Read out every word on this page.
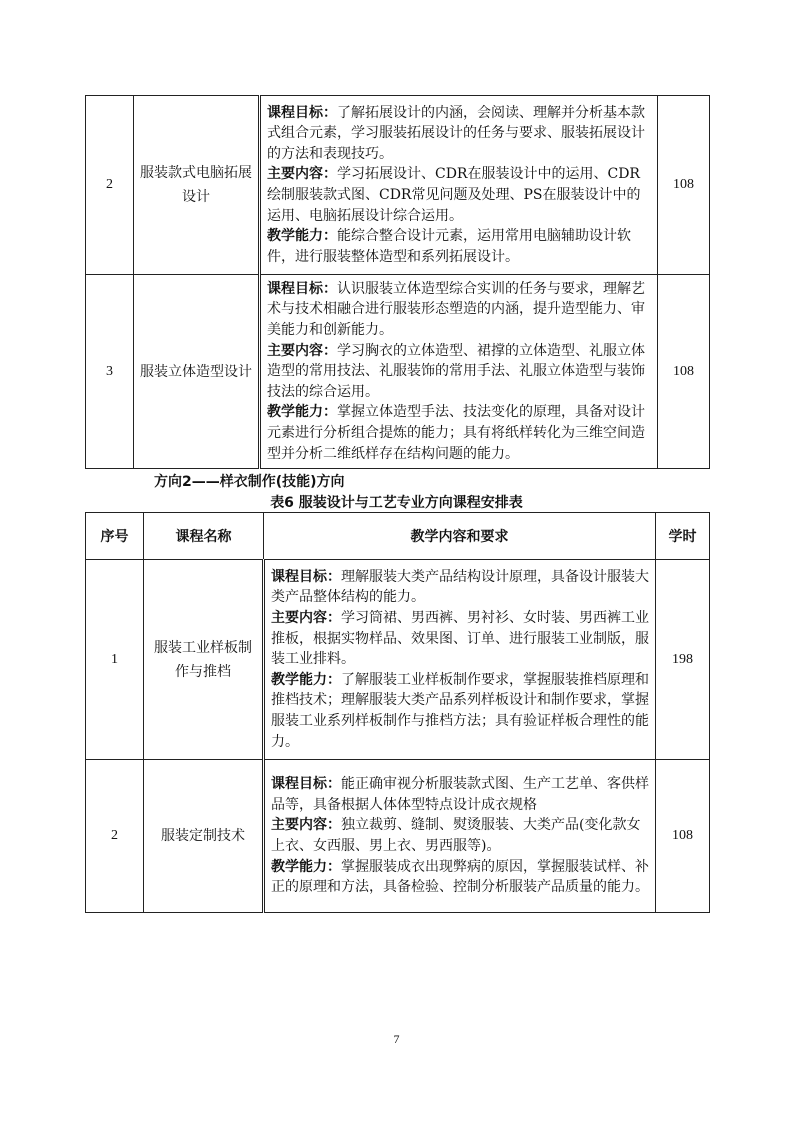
2	服装款式电脑拓展设计	课程目标：了解拓展设计的内涵，会阅读、理解并分析基本款式组合元素，学习服装拓展设计的任务与要求、服装拓展设计的方法和表现技巧。

主要内容：学习拓展设计、CDR在服装设计中的运用、CDR绘制服装款式图、CDR常见问题及处理、PS在服装设计中的运用、电脑拓展设计综合运用。

教学能力：能综合整合设计元素，运用常用电脑辅助设计软件，进行服装整体造型和系列拓展设计。	108
3	服装立体造型设计	课程目标：认识服装立体造型综合实训的任务与要求，理解艺术与技术相融合进行服装形态塑造的内涵，提升造型能力、审美能力和创新能力。

主要内容：学习胸衣的立体造型、裙撑的立体造型、礼服立体造型的常用技法、礼服装饰的常用手法、礼服立体造型与装饰技法的综合运用。

教学能力：掌握立体造型手法、技法变化的原理，具备对设计元素进行分析组合提炼的能力；具有将纸样转化为三维空间造型并分析二维纸样存在结构问题的能力。	108

方向2——样衣制作(技能)方向

表6 服装设计与工艺专业方向课程安排表

序号	课程名称	教学内容和要求	学时
1	服装工业样板制作与推档	课程目标：理解服装大类产品结构设计原理，具备设计服装大类产品整体结构的能力。

主要内容：学习筒裙、男西裤、男衬衫、女时装、男西裤工业推板，根据实物样品、效果图、订单、进行服装工业制版，服装工业排料。

教学能力：了解服装工业样板制作要求，掌握服装推档原理和推档技术；理解服装大类产品系列样板设计和制作要求，掌握服装工业系列样板制作与推档方法；具有验证样板合理性的能力。	198
2	服装定制技术	课程目标：能正确审视分析服装款式图、生产工艺单、客供样品等，具备根据人体体型特点设计成衣规格

主要内容：独立裁剪、缝制、熨烫服装、大类产品(变化款女上衣、女西服、男上衣、男西服等)。

教学能力：掌握服装成衣出现弊病的原因，掌握服装试样、补正的原理和方法，具备检验、控制分析服装产品质量的能力。	108
7
